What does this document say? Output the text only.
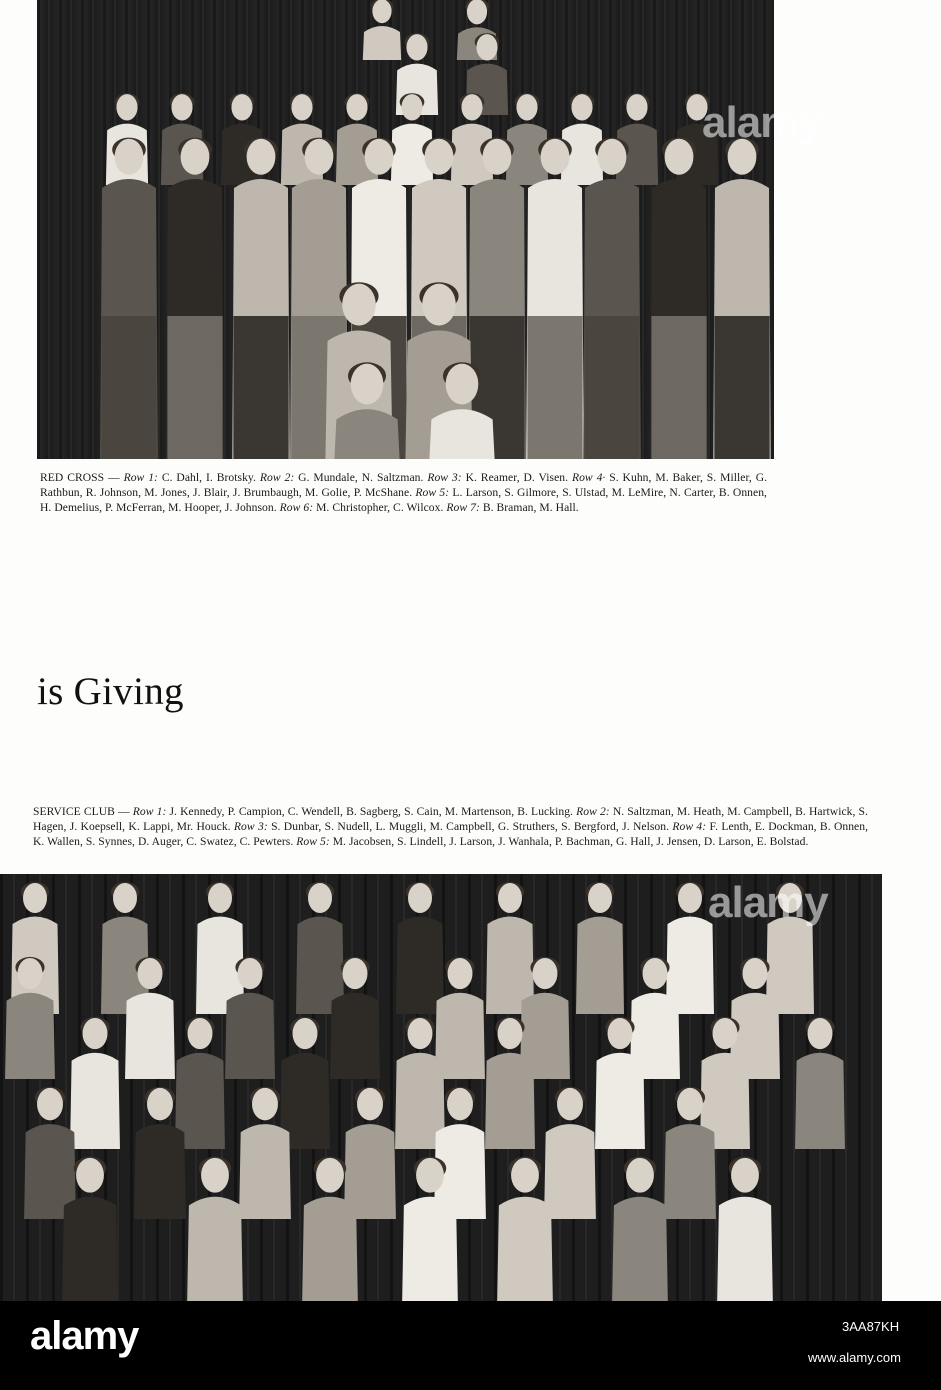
alamy
RED CROSS — Row 1: C. Dahl, I. Brotsky. Row 2: G. Mundale, N. Saltzman. Row 3: K. Reamer, D. Visen. Row 4· S. Kuhn, M. Baker, S. Miller, G. Rathbun, R. Johnson, M. Jones, J. Blair, J. Brumbaugh, M. Golie, P. McShane. Row 5: L. Larson, S. Gilmore, S. Ulstad, M. LeMire, N. Carter, B. Onnen, H. Demelius, P. McFerran, M. Hooper, J. Johnson. Row 6: M. Christopher, C. Wilcox. Row 7: B. Braman, M. Hall.
is Giving
SERVICE CLUB — Row 1: J. Kennedy, P. Campion, C. Wendell, B. Sagberg, S. Cain, M. Martenson, B. Lucking. Row 2: N. Saltzman, M. Heath, M. Campbell, B. Hartwick, S. Hagen, J. Koepsell, K. Lappi, Mr. Houck. Row 3: S. Dunbar, S. Nudell, L. Muggli, M. Campbell, G. Struthers, S. Bergford, J. Nelson. Row 4: F. Lenth, E. Dockman, B. Onnen, K. Wallen, S. Synnes, D. Auger, C. Swatez, C. Pewters. Row 5: M. Jacobsen, S. Lindell, J. Larson, J. Wanhala, P. Bachman, G. Hall, J. Jensen, D. Larson, E. Bolstad.
alamy
alamy	3AA87KH
www.alamy.com
